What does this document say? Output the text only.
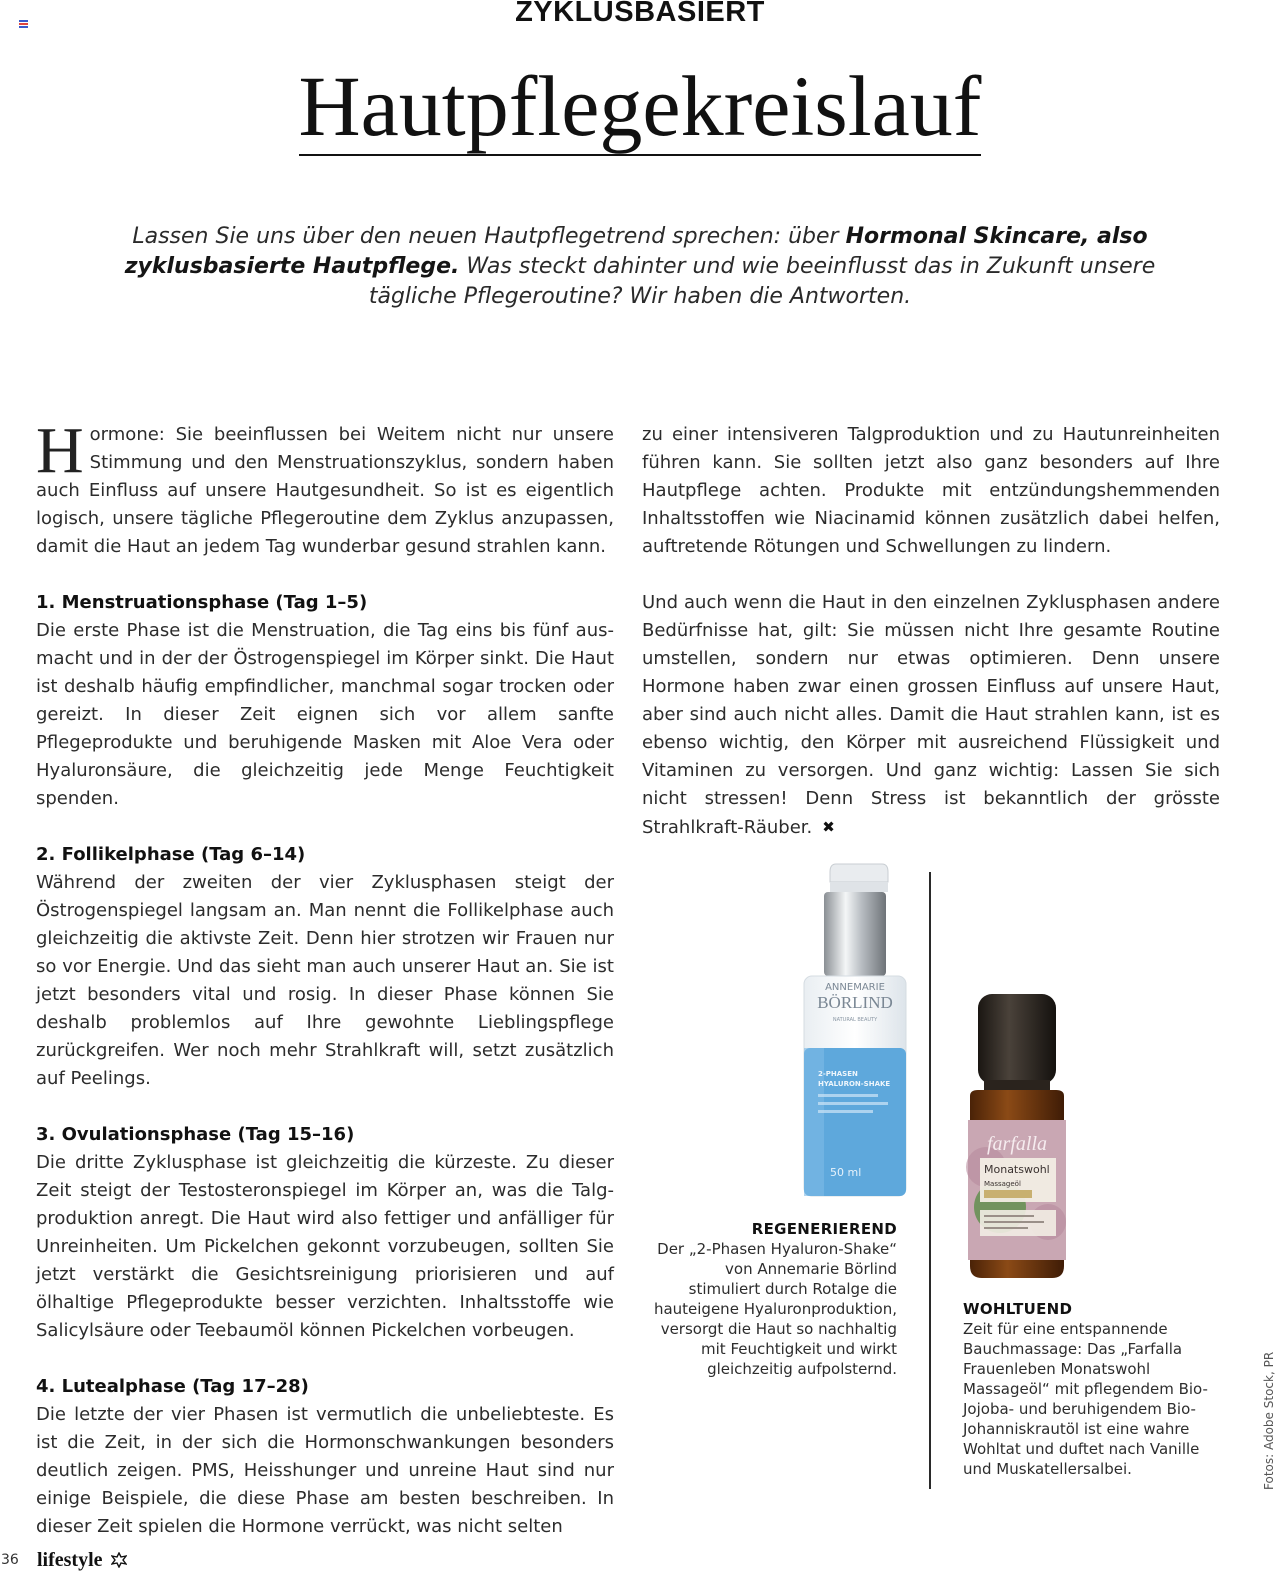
ZYKLUSBASIERT
Hautpflegekreislauf
Lassen Sie uns über den neuen Hautpflegetrend sprechen: über Hormonal Skincare, also zyklusbasierte Hautpflege. Was steckt dahinter und wie beeinflusst das in Zukunft unsere tägliche Pflegeroutine? Wir haben die Antworten.

Hormone: Sie beeinflussen bei Weitem nicht nur unsere Stimmung und den Menstruationszyklus, sondern haben auch Einfluss auf unsere Hautgesundheit. So ist es eigentlich logisch, unsere tägliche Pflegeroutine dem Zyklus anzupassen, damit die Haut an jedem Tag wunderbar gesund strahlen kann.

1. Menstruationsphase (Tag 1–5)

Die erste Phase ist die Menstruation, die Tag eins bis fünf ausmacht und in der der Östrogenspiegel im Körper sinkt. Die Haut ist deshalb häufig empfindlicher, manchmal sogar trocken oder gereizt. In dieser Zeit eignen sich vor allem sanfte Pflegeprodukte und beruhigende Masken mit Aloe Vera oder Hyaluronsäure, die gleichzeitig jede Menge Feuchtigkeit spenden.

2. Follikelphase (Tag 6–14)

Während der zweiten der vier Zyklusphasen steigt der Östrogenspiegel langsam an. Man nennt die Follikelphase auch gleichzeitig die aktivste Zeit. Denn hier strotzen wir Frauen nur so vor Energie. Und das sieht man auch unserer Haut an. Sie ist jetzt besonders vital und rosig. In dieser Phase können Sie deshalb problemlos auf Ihre gewohnte Lieblingspflege zurückgreifen. Wer noch mehr Strahlkraft will, setzt zusätzlich auf Peelings.

3. Ovulationsphase (Tag 15–16)

Die dritte Zyklusphase ist gleichzeitig die kürzeste. Zu dieser Zeit steigt der Testosteronspiegel im Körper an, was die Talgproduktion anregt. Die Haut wird also fettiger und anfälliger für Unreinheiten. Um Pickelchen gekonnt vorzubeugen, sollten Sie jetzt verstärkt die Gesichtsreinigung priorisieren und auf ölhaltige Pflegeprodukte besser verzichten. Inhaltsstoffe wie Salicylsäure oder Teebaumöl können Pickelchen vorbeugen.

4. Lutealphase (Tag 17–28)

Die letzte der vier Phasen ist vermutlich die unbeliebteste. Es ist die Zeit, in der sich die Hormonschwankungen besonders deutlich zeigen. PMS, Heisshunger und unreine Haut sind nur einige Beispiele, die diese Phase am besten beschreiben. In dieser Zeit spielen die Hormone verrückt, was nicht selten

zu einer intensiveren Talgproduktion und zu Hautunreinheiten führen kann. Sie sollten jetzt also ganz besonders auf Ihre Hautpflege achten. Produkte mit entzündungshemmenden Inhaltsstoffen wie Niacinamid können zusätzlich dabei helfen, auftretende Rötungen und Schwellungen zu lindern.

Und auch wenn die Haut in den einzelnen Zyklusphasen andere Bedürfnisse hat, gilt: Sie müssen nicht Ihre gesamte Routine umstellen, sondern nur etwas optimieren. Denn unsere Hormone haben zwar einen grossen Einfluss auf unsere Haut, aber sind auch nicht alles. Damit die Haut strahlen kann, ist es ebenso wichtig, den Körper mit ausreichend Flüssigkeit und Vitaminen zu versorgen. Und ganz wichtig: Lassen Sie sich nicht stressen! Denn Stress ist bekanntlich der grösste Strahlkraft-Räuber. ✖

ANNEMARIE
BÖRLIND
NATURAL BEAUTY
2-PHASEN
HYALURON-SHAKE
50 ml
farfalla
Monatswohl
Massageöl
REGENERIEREND
Der „2-Phasen Hyaluron-Shake“ von Annemarie Börlind stimuliert durch Rotalge die hauteigene Hyaluronproduktion, versorgt die Haut so nachhaltig mit Feuchtigkeit und wirkt gleichzeitig aufpolsternd.
WOHLTUEND
Zeit für eine entspannende Bauchmassage: Das „Farfalla Frauenleben Monatswohl Massageöl“ mit pflegendem Bio-Jojoba- und beruhigendem Bio-Johanniskrautöl ist eine wahre Wohltat und duftet nach Vanille und Muskatellersalbei.	Fotos: Adobe Stock, PR
36 lifestyle
